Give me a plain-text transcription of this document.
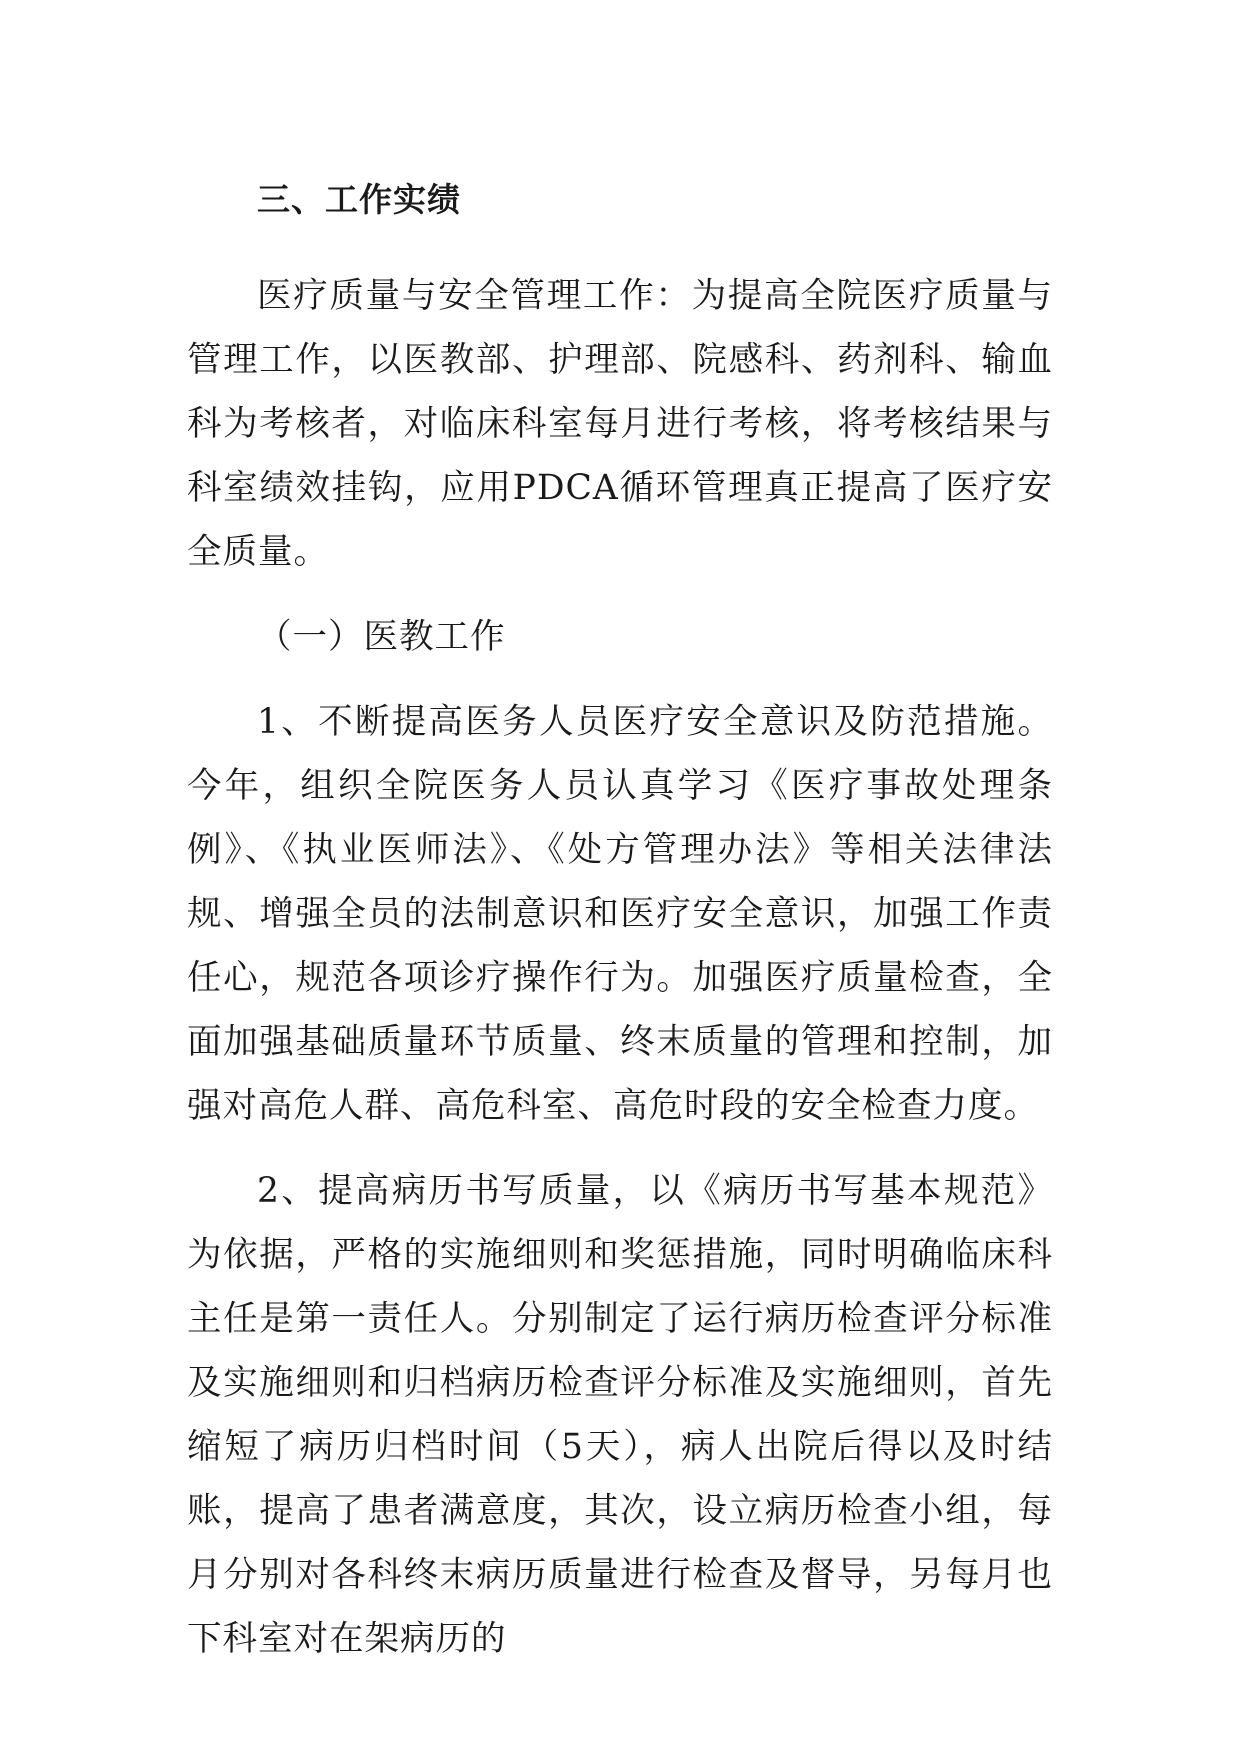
三、工作实绩

医疗质量与安全管理工作：为提高全院医疗质量与管理工作，以医教部、护理部、院感科、药剂科、输血科为考核者，对临床科室每月进行考核，将考核结果与科室绩效挂钩，应用PDCA循环管理真正提高了医疗安全质量。

（一）医教工作

1、不断提高医务人员医疗安全意识及防范措施。今年，组织全院医务人员认真学习《医疗事故处理条例》、《执业医师法》、《处方管理办法》等相关法律法规、增强全员的法制意识和医疗安全意识，加强工作责任心，规范各项诊疗操作行为。加强医疗质量检查，全面加强基础质量环节质量、终末质量的管理和控制，加强对高危人群、高危科室、高危时段的安全检查力度。

2、提高病历书写质量，以《病历书写基本规范》为依据，严格的实施细则和奖惩措施，同时明确临床科主任是第一责任人。分别制定了运行病历检查评分标准及实施细则和归档病历检查评分标准及实施细则，首先缩短了病历归档时间（5天），病人出院后得以及时结账，提高了患者满意度，其次，设立病历检查小组，每月分别对各科终末病历质量进行检查及督导，另每月也下科室对在架病历的
